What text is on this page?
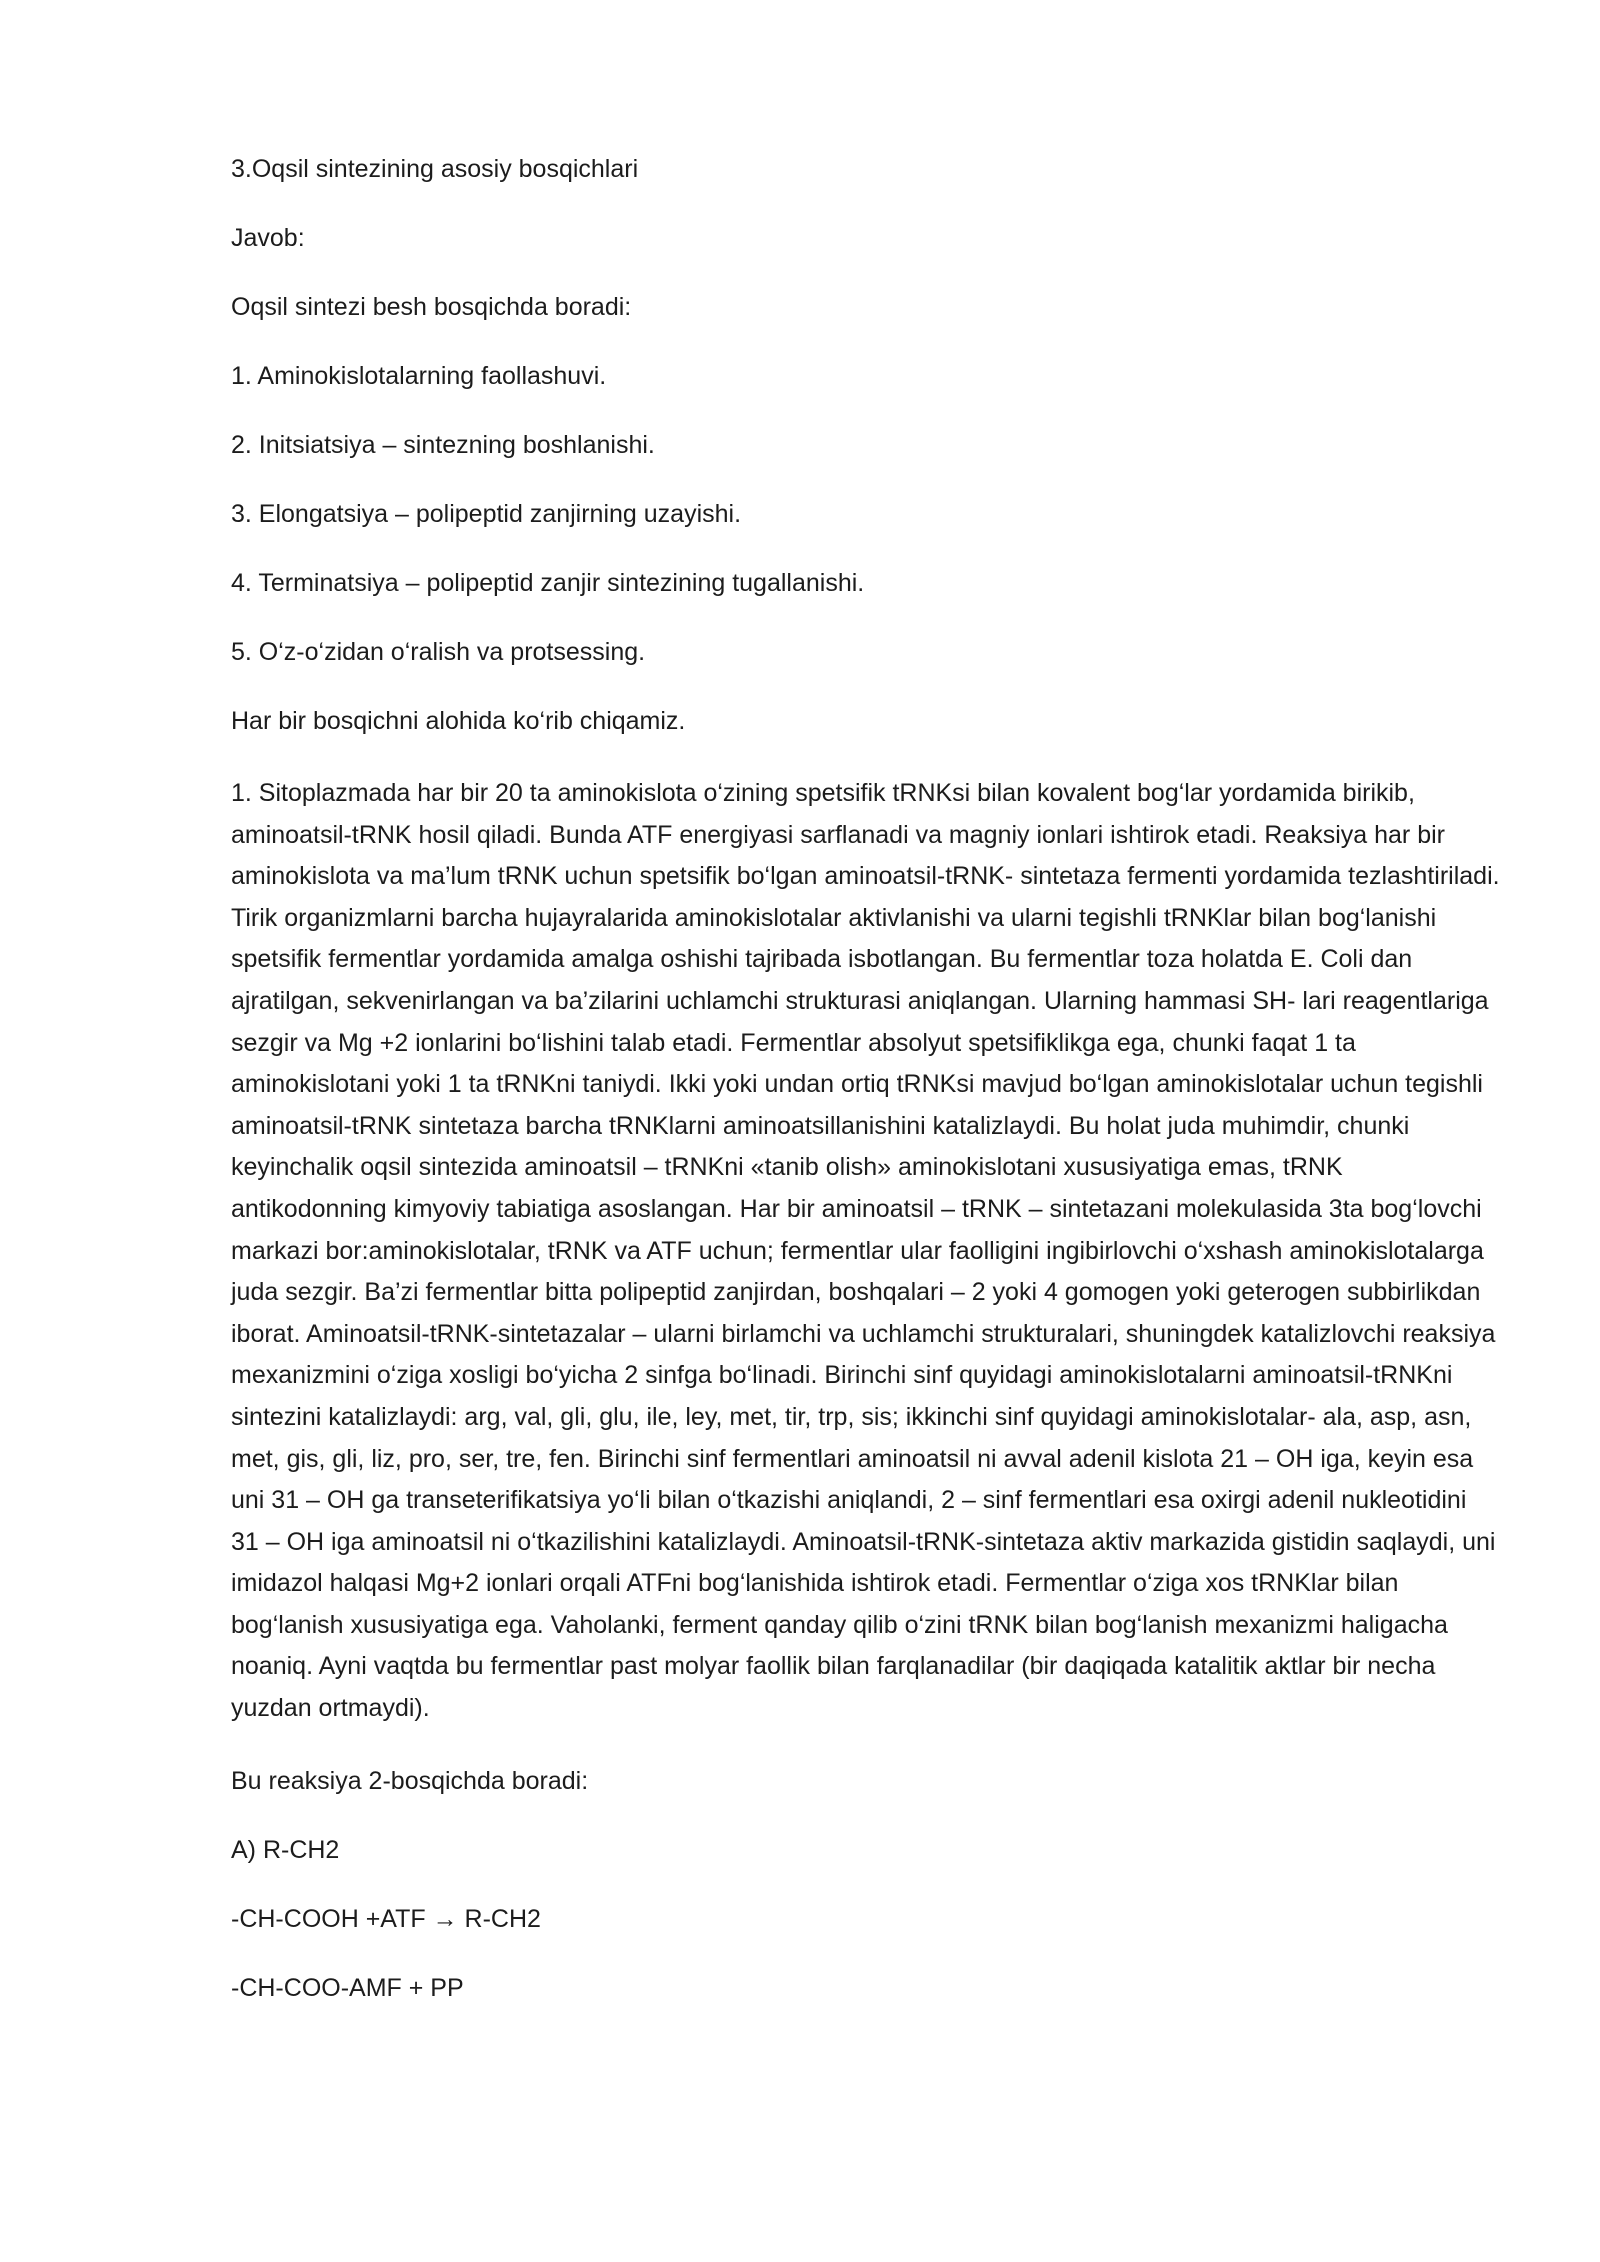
3.Oqsil sintezining asosiy bosqichlari

Javob:

Oqsil sintezi besh bosqichda boradi:

1. Aminokislotalarning faollashuvi.

2. Initsiatsiya – sintezning boshlanishi.

3. Elongatsiya – polipeptid zanjirning uzayishi.

4. Terminatsiya – polipeptid zanjir sintezining tugallanishi.

5. O‘z-o‘zidan o‘ralish va protsessing.

Har bir bosqichni alohida ko‘rib chiqamiz.

1. Sitoplazmada har bir 20 ta aminokislota o‘zining spetsifik tRNKsi bilan kovalent bog‘lar yordamida birikib, aminoatsil-tRNK hosil qiladi. Bunda ATF energiyasi sarflanadi va magniy ionlari ishtirok etadi. Reaksiya har bir aminokislota va ma’lum tRNK uchun spetsifik bo‘lgan aminoatsil-tRNK- sintetaza fermenti yordamida tezlashtiriladi. Tirik organizmlarni barcha hujayralarida aminokislotalar aktivlanishi va ularni tegishli tRNKlar bilan bog‘lanishi spetsifik fermentlar yordamida amalga oshishi tajribada isbotlangan. Bu fermentlar toza holatda E. Coli dan ajratilgan, sekvenirlangan va ba’zilarini uchlamchi strukturasi aniqlangan. Ularning hammasi SH- lari reagentlariga sezgir va Mg +2 ionlarini bo‘lishini talab etadi. Fermentlar absolyut spetsifiklikga ega, chunki faqat 1 ta aminokislotani yoki 1 ta tRNKni taniydi. Ikki yoki undan ortiq tRNKsi mavjud bo‘lgan aminokislotalar uchun tegishli aminoatsil-tRNK sintetaza barcha tRNKlarni aminoatsillanishini katalizlaydi. Bu holat juda muhimdir, chunki keyinchalik oqsil sintezida aminoatsil – tRNKni «tanib olish» aminokislotani xususiyatiga emas, tRNK antikodonning kimyoviy tabiatiga asoslangan. Har bir aminoatsil – tRNK – sintetazani molekulasida 3ta bog‘lovchi markazi bor:aminokislotalar, tRNK va ATF uchun; fermentlar ular faolligini ingibirlovchi o‘xshash aminokislotalarga juda sezgir. Ba’zi fermentlar bitta polipeptid zanjirdan, boshqalari – 2 yoki 4 gomogen yoki geterogen subbirlikdan iborat. Aminoatsil-tRNK-sintetazalar – ularni birlamchi va uchlamchi strukturalari, shuningdek katalizlovchi reaksiya mexanizmini o‘ziga xosligi bo‘yicha 2 sinfga bo‘linadi. Birinchi sinf quyidagi aminokislotalarni aminoatsil-tRNKni sintezini katalizlaydi: arg, val, gli, glu, ile, ley, met, tir, trp, sis; ikkinchi sinf quyidagi aminokislotalar- ala, asp, asn, met, gis, gli, liz, pro, ser, tre, fen. Birinchi sinf fermentlari aminoatsil ni avval adenil kislota 21 – OH iga, keyin esa uni 31 – OH ga transeterifikatsiya yo‘li bilan o‘tkazishi aniqlandi, 2 – sinf fermentlari esa oxirgi adenil nukleotidini 31 – OH iga aminoatsil ni o‘tkazilishini katalizlaydi. Aminoatsil-tRNK-sintetaza aktiv markazida gistidin saqlaydi, uni imidazol halqasi Mg+2 ionlari orqali ATFni bog‘lanishida ishtirok etadi. Fermentlar o‘ziga xos tRNKlar bilan bog‘lanish xususiyatiga ega. Vaholanki, ferment qanday qilib o‘zini tRNK bilan bog‘lanish mexanizmi haligacha noaniq. Ayni vaqtda bu fermentlar past molyar faollik bilan farqlanadilar (bir daqiqada katalitik aktlar bir necha yuzdan ortmaydi).

Bu reaksiya 2-bosqichda boradi:

A) R-CH2

-CH-COOH +ATF → R-CH2

-CH-COO-AMF + PP
